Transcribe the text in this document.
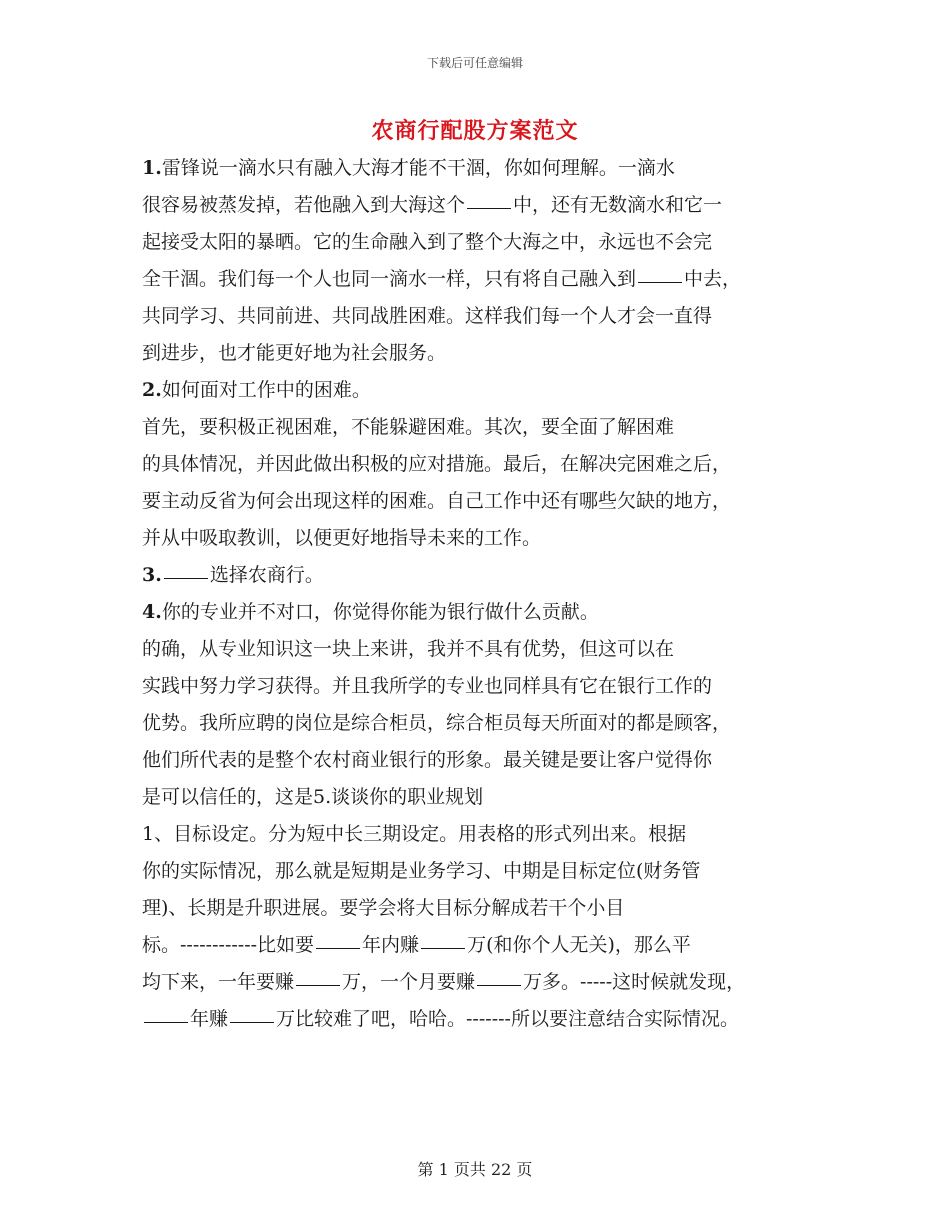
下载后可任意编辑
农商行配股方案范文

1.雷锋说一滴水只有融入大海才能不干涸，你如何理解。一滴水

很容易被蒸发掉，若他融入到大海这个	中，还有无数滴水和它一

起接受太阳的暴晒。它的生命融入到了整个大海之中，永远也不会完

全干涸。我们每一个人也同一滴水一样，只有将自己融入到	中去，

共同学习、共同前进、共同战胜困难。这样我们每一个人才会一直得

到进步，也才能更好地为社会服务。

2.如何面对工作中的困难。

首先，要积极正视困难，不能躲避困难。其次，要全面了解困难

的具体情况，并因此做出积极的应对措施。最后，在解决完困难之后，

要主动反省为何会出现这样的困难。自己工作中还有哪些欠缺的地方，

并从中吸取教训，以便更好地指导未来的工作。

3.	选择农商行。

4.你的专业并不对口，你觉得你能为银行做什么贡献。

的确，从专业知识这一块上来讲，我并不具有优势，但这可以在

实践中努力学习获得。并且我所学的专业也同样具有它在银行工作的

优势。我所应聘的岗位是综合柜员，综合柜员每天所面对的都是顾客，

他们所代表的是整个农村商业银行的形象。最关键是要让客户觉得你

是可以信任的，这是5.谈谈你的职业规划

1、目标设定。分为短中长三期设定。用表格的形式列出来。根据

你的实际情况，那么就是短期是业务学习、中期是目标定位(财务管

理)、长期是升职进展。要学会将大目标分解成若干个小目

标。------------比如要	年内赚	万(和你个人无关)，那么平

均下来，一年要赚	万，一个月要赚	万多。-----这时候就发现，

年赚	万比较难了吧，哈哈。-------所以要注意结合实际情况。

第 1 页共 22 页
